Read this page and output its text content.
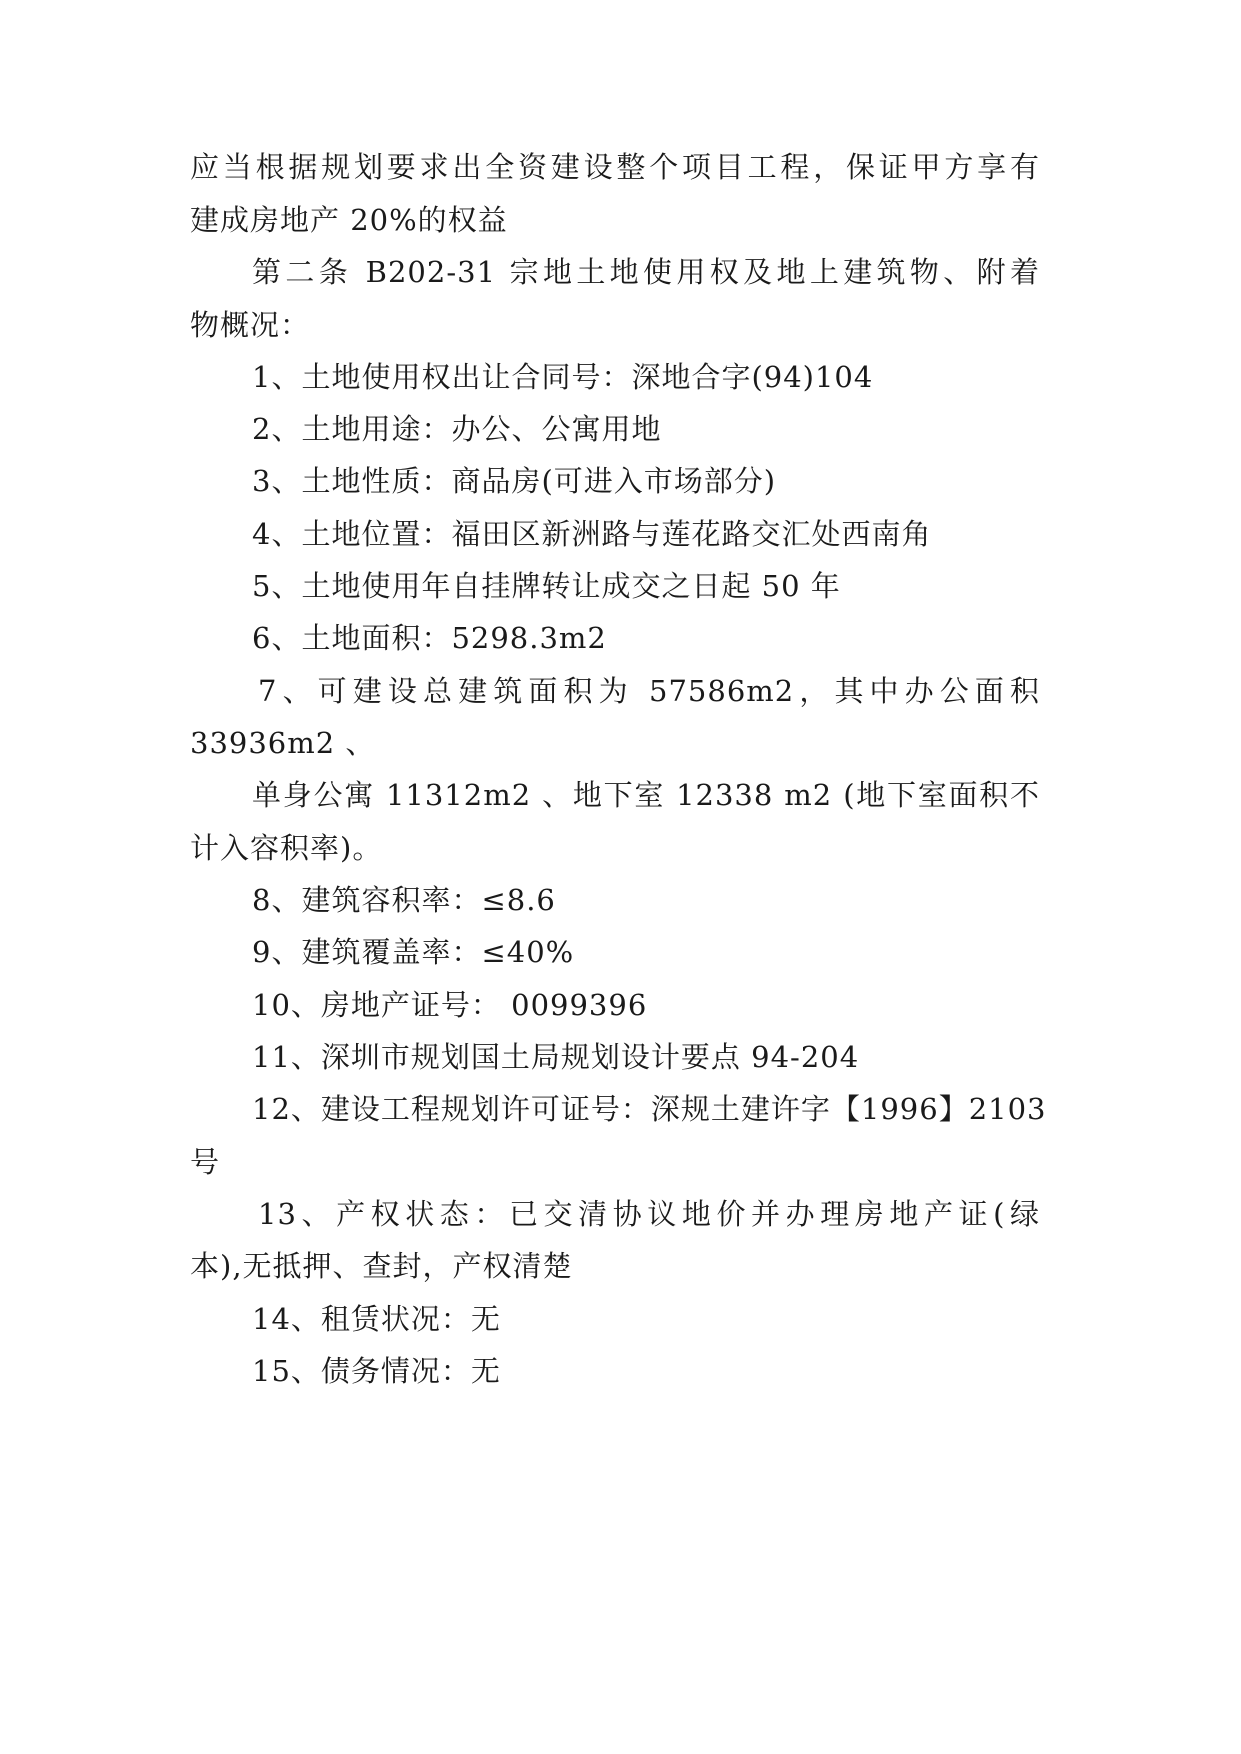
应当根据规划要求出全资建设整个项目工程，保证甲方享有
建成房地产 20%的权益
第二条 B202-31 宗地土地使用权及地上建筑物、附着
物概况：
1、土地使用权出让合同号：深地合字(94)104
2、土地用途：办公、公寓用地
3、土地性质：商品房(可进入市场部分)
4、土地位置：福田区新洲路与莲花路交汇处西南角
5、土地使用年自挂牌转让成交之日起 50 年
6、土地面积：5298.3m2
7、可建设总建筑面积为 57586m2，其中办公面积
33936m2 、
单身公寓 11312m2 、地下室 12338 m2 (地下室面积不
计入容积率)。
8、建筑容积率：≤8.6
9、建筑覆盖率：≤40%
10、房地产证号： 0099396
11、深圳市规划国土局规划设计要点 94-204
12、建设工程规划许可证号：深规土建许字【1996】2103
号
13、产权状态：已交清协议地价并办理房地产证(绿
本),无抵押、查封，产权清楚
14、租赁状况：无
15、债务情况：无
